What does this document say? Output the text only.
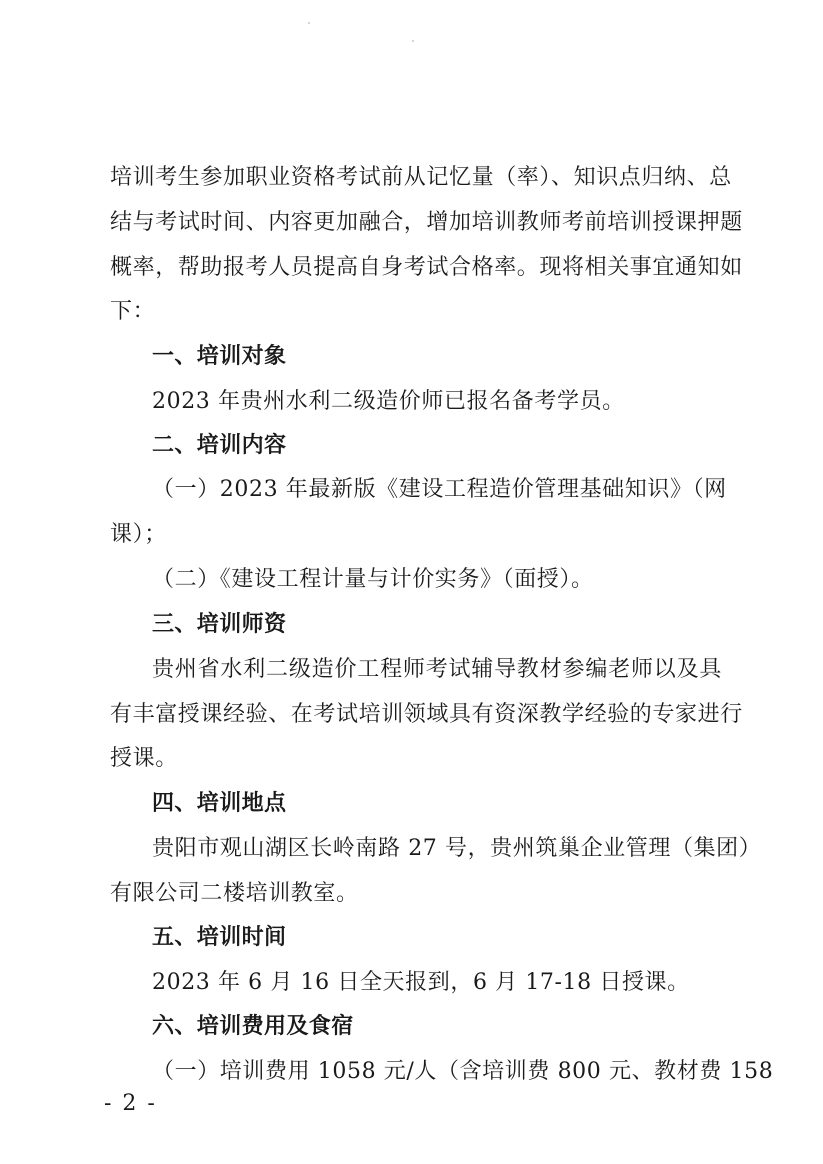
培训考生参加职业资格考试前从记忆量（率）、知识点归纳、总
结与考试时间、内容更加融合，增加培训教师考前培训授课押题
概率，帮助报考人员提高自身考试合格率。现将相关事宜通知如
下：
一、培训对象
2023 年贵州水利二级造价师已报名备考学员。
二、培训内容
（一）2023 年最新版《建设工程造价管理基础知识》（网
课）；
（二）《建设工程计量与计价实务》（面授）。
三、培训师资
贵州省水利二级造价工程师考试辅导教材参编老师以及具
有丰富授课经验、在考试培训领域具有资深教学经验的专家进行
授课。
四、培训地点
贵阳市观山湖区长岭南路 27 号，贵州筑巢企业管理（集团）
有限公司二楼培训教室。
五、培训时间
2023 年 6 月 16 日全天报到，6 月 17-18 日授课。
六、培训费用及食宿
（一）培训费用 1058 元/人（含培训费 800 元、教材费 158
- 2 -
